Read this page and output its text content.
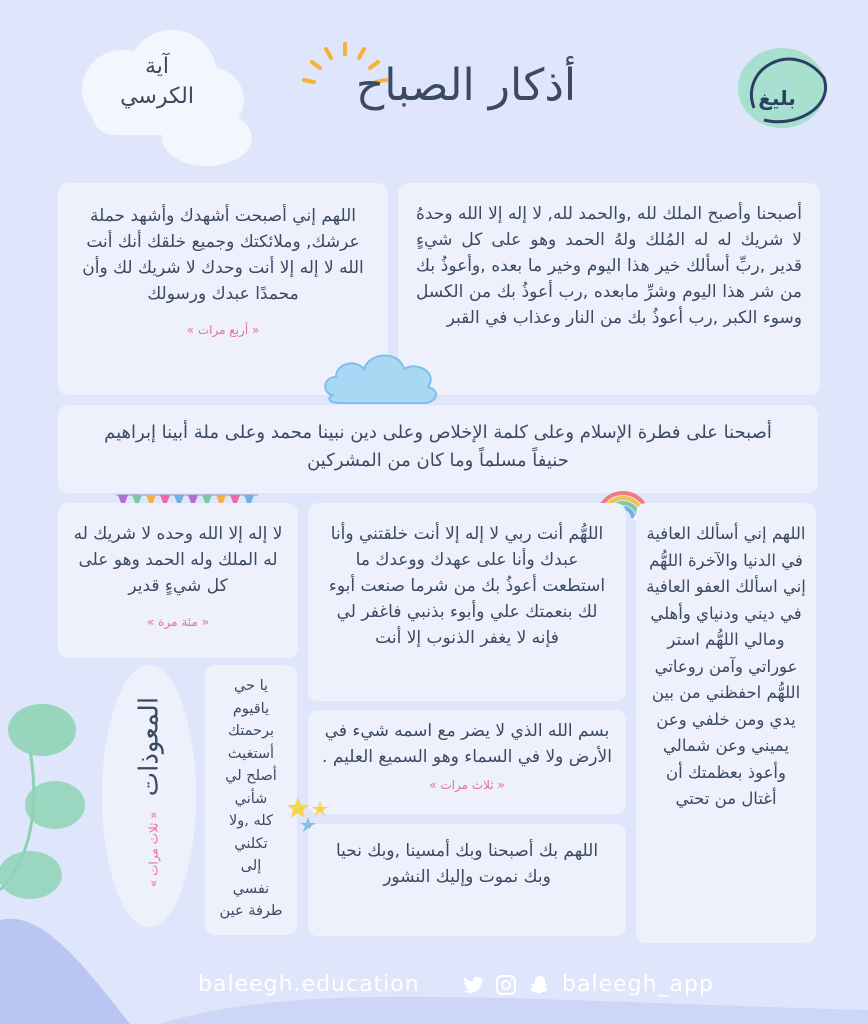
آية
الكرسي	أذكار الصباح	بليغ

أصبحنا وأصبح الملك لله ,والحمد لله, لا إله إلا الله وحدهُ لا شريك له له المُلك ولهُ الحمد وهو على كل شيءٍ قدير ,ربِّ أسألك خير هذا اليوم وخير ما بعده ,وأعوذُ بك من شر هذا اليوم وشرِّ مابعده ,رب أعوذُ بك من الكسل وسوء الكبر ,رب أعوذُ بك من النار وعذاب في القبر

اللهم إني أصبحت أشهدك وأشهد حملة عرشك, وملائكتك وجميع خلقك أنك أنت الله لا إله إلا أنت وحدك لا شريك لك وأن محمدًا عبدك ورسولك

« أربع مرات »

أصبحنا على فطرة الإسلام وعلى كلمة الإخلاص وعلى دين نبينا محمد وعلى ملة أبينا إبراهيم حنيفاً مسلماً وما كان من المشركين

اللهم إني أسألك العافية في الدنيا والآخرة اللهُّم إني اسألك العفو العافية في ديني ودنياي وأهلي ومالي اللهُّم استر عوراتي وآمن روعاتي اللهُّم احفظني من بين يدي ومن خلفي وعن يميني وعن شمالي وأعوذ بعظمتك أن أغتال من تحتي

اللهُّم أنت ربي لا إله إلا أنت خلقتني وأنا عبدك وأنا على عهدك ووعدك ما استطعت أعوذُ بك من شرما صنعت أبوء لك بنعمتك علي وأبوء بذنبي فاغفر لي فإنه لا يغفر الذنوب إلا أنت

لا إله إلا الله وحده لا شريك له له الملك وله الحمد وهو على كل شيءٍ قدير

« مئة مرة »

بسم الله الذي لا يضر مع اسمه شيء في الأرض ولا في السماء وهو السميع العليم .

« ثلاث مرات »

يا حي
ياقيوم
برحمتك
أستغيث
أصلح لي
شأني
كله ,ولا
تكلني
إلى
نفسي
طرفة عين

اللهم بك أصبحنا وبك أمسينا ,وبك نحيا وبك نموت وإليك النشور

المعوذات « ثلاث مرات »
baleegh.education	baleegh_app
